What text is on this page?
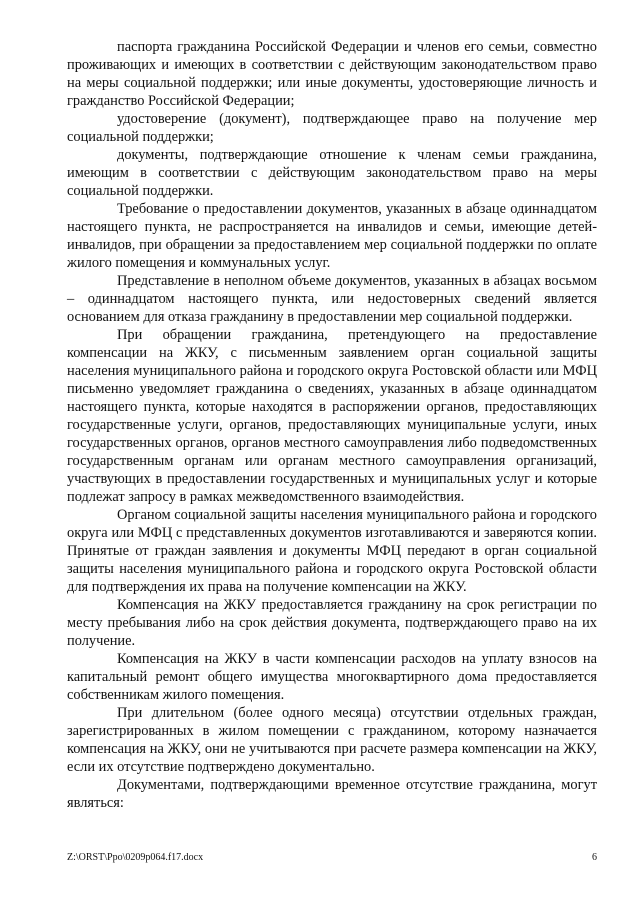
паспорта гражданина Российской Федерации и членов его семьи, совместно проживающих и имеющих в соответствии с действующим законодательством право на меры социальной поддержки; или иные документы, удостоверяющие личность и гражданство Российской Федерации;

удостоверение (документ), подтверждающее право на получение мер социальной поддержки;

документы, подтверждающие отношение к членам семьи гражданина, имеющим в соответствии с действующим законодательством право на меры социальной поддержки.

Требование о предоставлении документов, указанных в абзаце одиннадцатом настоящего пункта, не распространяется на инвалидов и семьи, имеющие детей-инвалидов, при обращении за предоставлением мер социальной поддержки по оплате жилого помещения и коммунальных услуг.

Представление в неполном объеме документов, указанных в абзацах восьмом – одиннадцатом настоящего пункта, или недостоверных сведений является основанием для отказа гражданину в предоставлении мер социальной поддержки.

При обращении гражданина, претендующего на предоставление компенсации на ЖКУ, с письменным заявлением орган социальной защиты населения муниципального района и городского округа Ростовской области или МФЦ письменно уведомляет гражданина о сведениях, указанных в абзаце одиннадцатом настоящего пункта, которые находятся в распоряжении органов, предоставляющих государственные услуги, органов, предоставляющих муниципальные услуги, иных государственных органов, органов местного самоуправления либо подведомственных государственным органам или органам местного самоуправления организаций, участвующих в предоставлении государственных и муниципальных услуг и которые подлежат запросу в рамках межведомственного взаимодействия.

Органом социальной защиты населения муниципального района и городского округа или МФЦ с представленных документов изготавливаются и заверяются копии. Принятые от граждан заявления и документы МФЦ передают в орган социальной защиты населения муниципального района и городского округа Ростовской области для подтверждения их права на получение компенсации на ЖКУ.

Компенсация на ЖКУ предоставляется гражданину на срок регистрации по месту пребывания либо на срок действия документа, подтверждающего право на их получение.

Компенсация на ЖКУ в части компенсации расходов на уплату взносов на капитальный ремонт общего имущества многоквартирного дома предоставляется собственникам жилого помещения.

При длительном (более одного месяца) отсутствии отдельных граждан, зарегистрированных в жилом помещении с гражданином, которому назначается компенсация на ЖКУ, они не учитываются при расчете размера компенсации на ЖКУ, если их отсутствие подтверждено документально.

Документами, подтверждающими временное отсутствие гражданина, могут являться:

Z:\ORST\Ppo\0209p064.f17.docx	6
